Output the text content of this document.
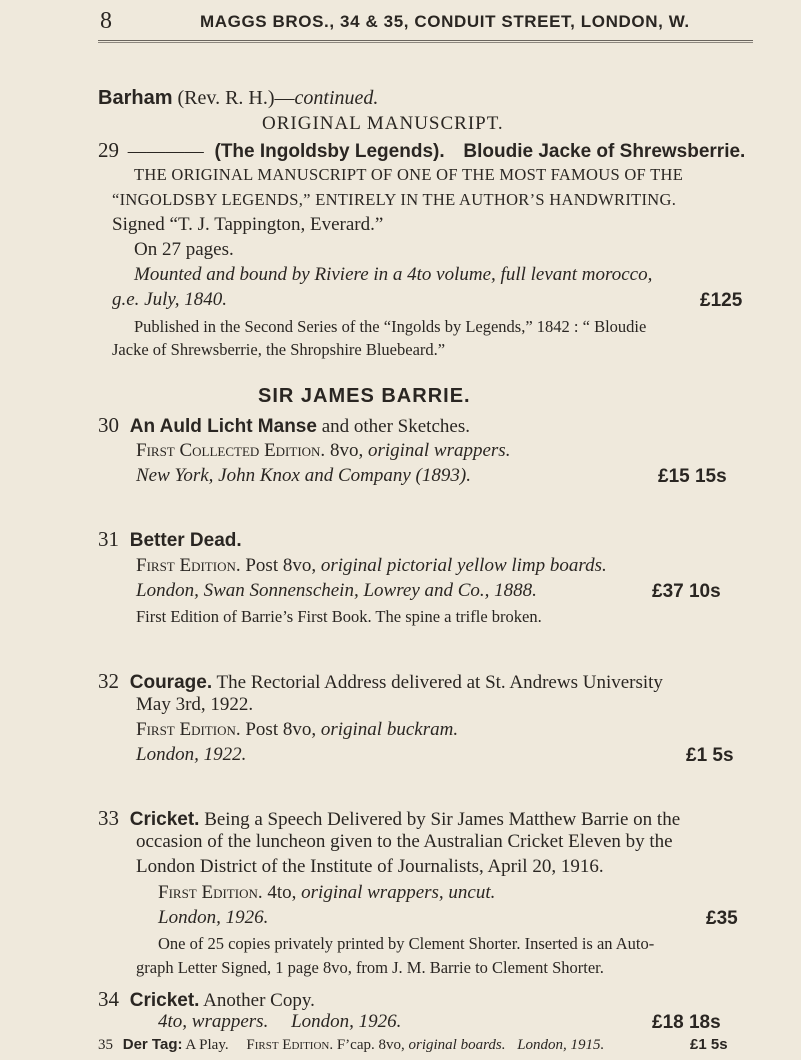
8	MAGGS BROS., 34 & 35, CONDUIT STREET, LONDON, W.
Barham (Rev. R. H.)—continued.
ORIGINAL MANUSCRIPT.
29 ———— (The Ingoldsby Legends). Bloudie Jacke of Shrewsberrie.
THE ORIGINAL MANUSCRIPT OF ONE OF THE MOST FAMOUS OF THE
“INGOLDSBY LEGENDS,” ENTIRELY IN THE AUTHOR’S HANDWRITING.
Signed “T. J. Tappington, Everard.”
On 27 pages.
Mounted and bound by Riviere in a 4to volume, full levant morocco,
g.e. July, 1840.	£125
Published in the Second Series of the “Ingolds by Legends,” 1842 : “ Bloudie
Jacke of Shrewsberrie, the Shropshire Bluebeard.”
SIR JAMES BARRIE.
30 An Auld Licht Manse and other Sketches.
First Collected Edition. 8vo, original wrappers.
New York, John Knox and Company (1893).	£15 15s
31 Better Dead.
First Edition. Post 8vo, original pictorial yellow limp boards.
London, Swan Sonnenschein, Lowrey and Co., 1888.	£37 10s
First Edition of Barrie’s First Book. The spine a trifle broken.
32 Courage. The Rectorial Address delivered at St. Andrews University
May 3rd, 1922.
First Edition. Post 8vo, original buckram.
London, 1922.	£1 5s
33 Cricket. Being a Speech Delivered by Sir James Matthew Barrie on the
occasion of the luncheon given to the Australian Cricket Eleven by the
London District of the Institute of Journalists, April 20, 1916.
First Edition. 4to, original wrappers, uncut.
London, 1926.	£35
One of 25 copies privately printed by Clement Shorter. Inserted is an Auto-
graph Letter Signed, 1 page 8vo, from J. M. Barrie to Clement Shorter.
34 Cricket. Another Copy.
4to, wrappers. London, 1926.	£18 18s
35 Der Tag: A Play. First Edition. F’cap. 8vo, original boards. London, 1915.	£1 5s
